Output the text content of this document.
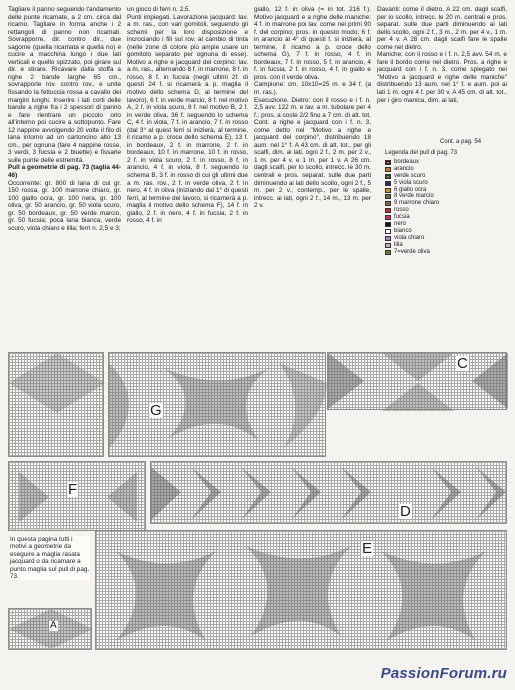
Tagliare il panno seguendo l'andamento delle punte ricamate, a 2 cm. circa dal ricamo. Tagliare in forma anche i 2 rettangoli di panno non ricamati. Sovrapporre, dir. contro dir., due sagome (quella ricamata e quella no) e cucire a macchina lungo i due lati verticali e quello spizzato, poi girare sul dir. e stirare. Ricavare dalla stoffa a righe 2 bande larghe 65 cm., sovrapporle rov. contro rov., e unite fissando la fettuccia rossa a cavallo dei margini lunghi. Inserire i lati corti delle bande a righe fra i 2 spessori di panno e fare rientrare un piccolo orlo all'interno poi cucire a sottopunto. Fare 12 nappine avvolgendo 20 volte il filo di lana intorno ad un cartoncino alto 13 cm., per ognuna (fare 4 nappine rosse, 3 verdi, 3 fucsia e 2 bluette) e fissarle sulle punte delle estremità.

Pull a geometrie di pag. 73 (taglia 44-46)

Occorrente: gr. 800 di lana di cui gr. 150 rossa, gr. 100 marrone chiaro, gr. 100 giallo ocra, gr. 100 nera, gr. 100 oliva, gr. 50 arancio, gr. 50 viola scuro, gr. 50 bordeaux, gr. 50 verde marcio, gr. 50 fucsia; poca lana bianca, verde scuro, viola chiaro e lilla; ferri n. 2,5 e 3;

un gioco di ferri n. 2,5.

Punti impiegati. Lavorazione jacquard: lav. a m. ras., con vari gomitoli, seguendo gli schemi per la loro disposizione e incrociando i fili sul rov. al cambio di tinta (nelle zone di colore più ampie usare un gomitolo separato per ognuna di esse). Motivo a righe e jacquard del corpino: lav. a m. ras., alternando 8 f. in marrone, 8 f. in rosso, 8 f. in fucsia (negli ultimi 2f. di questi 24 f. si ricamerà a p. maglia il motivo dello schema D, al termine del lavoro), 6 f. in verde marcio, 8 f. nel motivo A, 2 f. in viola scuro, 8 f. nel motivo B, 2 f. in verde oliva, 36 f. seguendo lo schema C, 4 f. in viola, 7 f. in arancio, 7 f. in rosso (dal 3° al quest ferri si inizierà, al termine, il ricamo a p. croce dello schema E), 13 f. in bordeaux, 2 f. in marrone, 2 f. in bordeaux, 10 f. in marrone, 10 f. in rosso, 2 f. in viola scuro, 2 f. in rosso, 8 f. in arancio, 4 f. in viola, 8 f. seguendo lo schema B, 3 f. in rosso di cui gli ultimi due a m. ras. rov., 2 f. in verde oliva, 2 f. in nero, 4 f. in oliva (iniziando dal 1° di questi ferri, al termine del lavoro, si ricamerà a p. maglia il motivo dello schema F), 14 f. in giallo, 2 f. in nero, 4 f. in fucsia, 2 f. in rosso, 4 f. in

giallo, 12 f. in oliva (= in tot. 216 f.). Motivo jacquard e a righe delle maniche: 4 f. in marrone poi lav. come nei primi 90 f. del corpino; pros. in questo modo: 6 f. in arancio al 4° di questi f. si inizierà, al termine, il ricamo a p. croce dello schema G), 7 f. in rosso, 4 f. in bordeaux, 7 f. in rosso, 5 f. in arancio, 4 f. in fucsia, 2 f. in rosso, 4 f. in giallo e pros. con il verde oliva.

Campione: cm. 10x10=25 m. e 34 f. (a m. ras.).

Esecuzione. Dietro: con il rosso e i f. n. 2,5 avv. 122 m. e lav. a m. tubolare per 4 f.; pros. a coste 2/2 fino a 7 cm. di alt. tot. Cont. a righe e jacquard con i f. n. 3, come detto nel "Motivo a righe e jacquard del corpino", distribuendo 18 aum. nel 1° f. A 43 cm. di alt. tot., per gli scalfi, dim. ai lati, ogni 2 f., 2 m. per 2 v., 1 m. per 4 v. e 1 m. per 1 v. A 26 cm. dagli scalfi, per lo scollo, intrecc. le 30 m. centrali e pros. separat. sulle due parti diminuendo ai lati dello scollo, ogni 2 f., 5 m. per 2 v.; contemp., per le spalle, intrecc. ai lati, ogni 2 f., 14 m., 13 m. per 2 v.

Davanti: come il dietro. A 22 cm. dagli scalfi, per lo scollo, intrecc. le 20 m. centrali e pros. separat. sulle due parti diminuendo ai lati dello scollo, ogni 2 f., 3 m., 2 m. per 4 v., 1 m. per 4 v. A 28 cm. dagli scalfi fare le spalle come nel dietro.

Maniche: con il rosso e i f. n. 2,5 avv. 54 m. e fare il bordo come nel dietro. Pros. a righe e jacquard con i f. n. 3, come spiegato nei "Motivo a jacquard e righe delle maniche" distribuendo 13 aum. nel 1° f. e aum. poi ai lati 1 m. ogni 4 f. per 30 v. A 45 cm. di alt. tot., per i giro manica, dim. ai lati,

Cont. a pag. 54
Legenda del pull di pag. 73
bordeaux
arancio
verde scuro
5 viola scuro
6 giallo ocra
8 verde marcio
9 marrone chiaro
rosso
fucsia
nero
bianco
viola chiaro
lilla
7=verde oliva
C
G
D
F
E
A
In questa pagina tutti i motivi a geometrie da eseguire a maglia rasata jacquard o da ricamare a punto maglia sul pull di pag. 73.
PassionForum.ru
